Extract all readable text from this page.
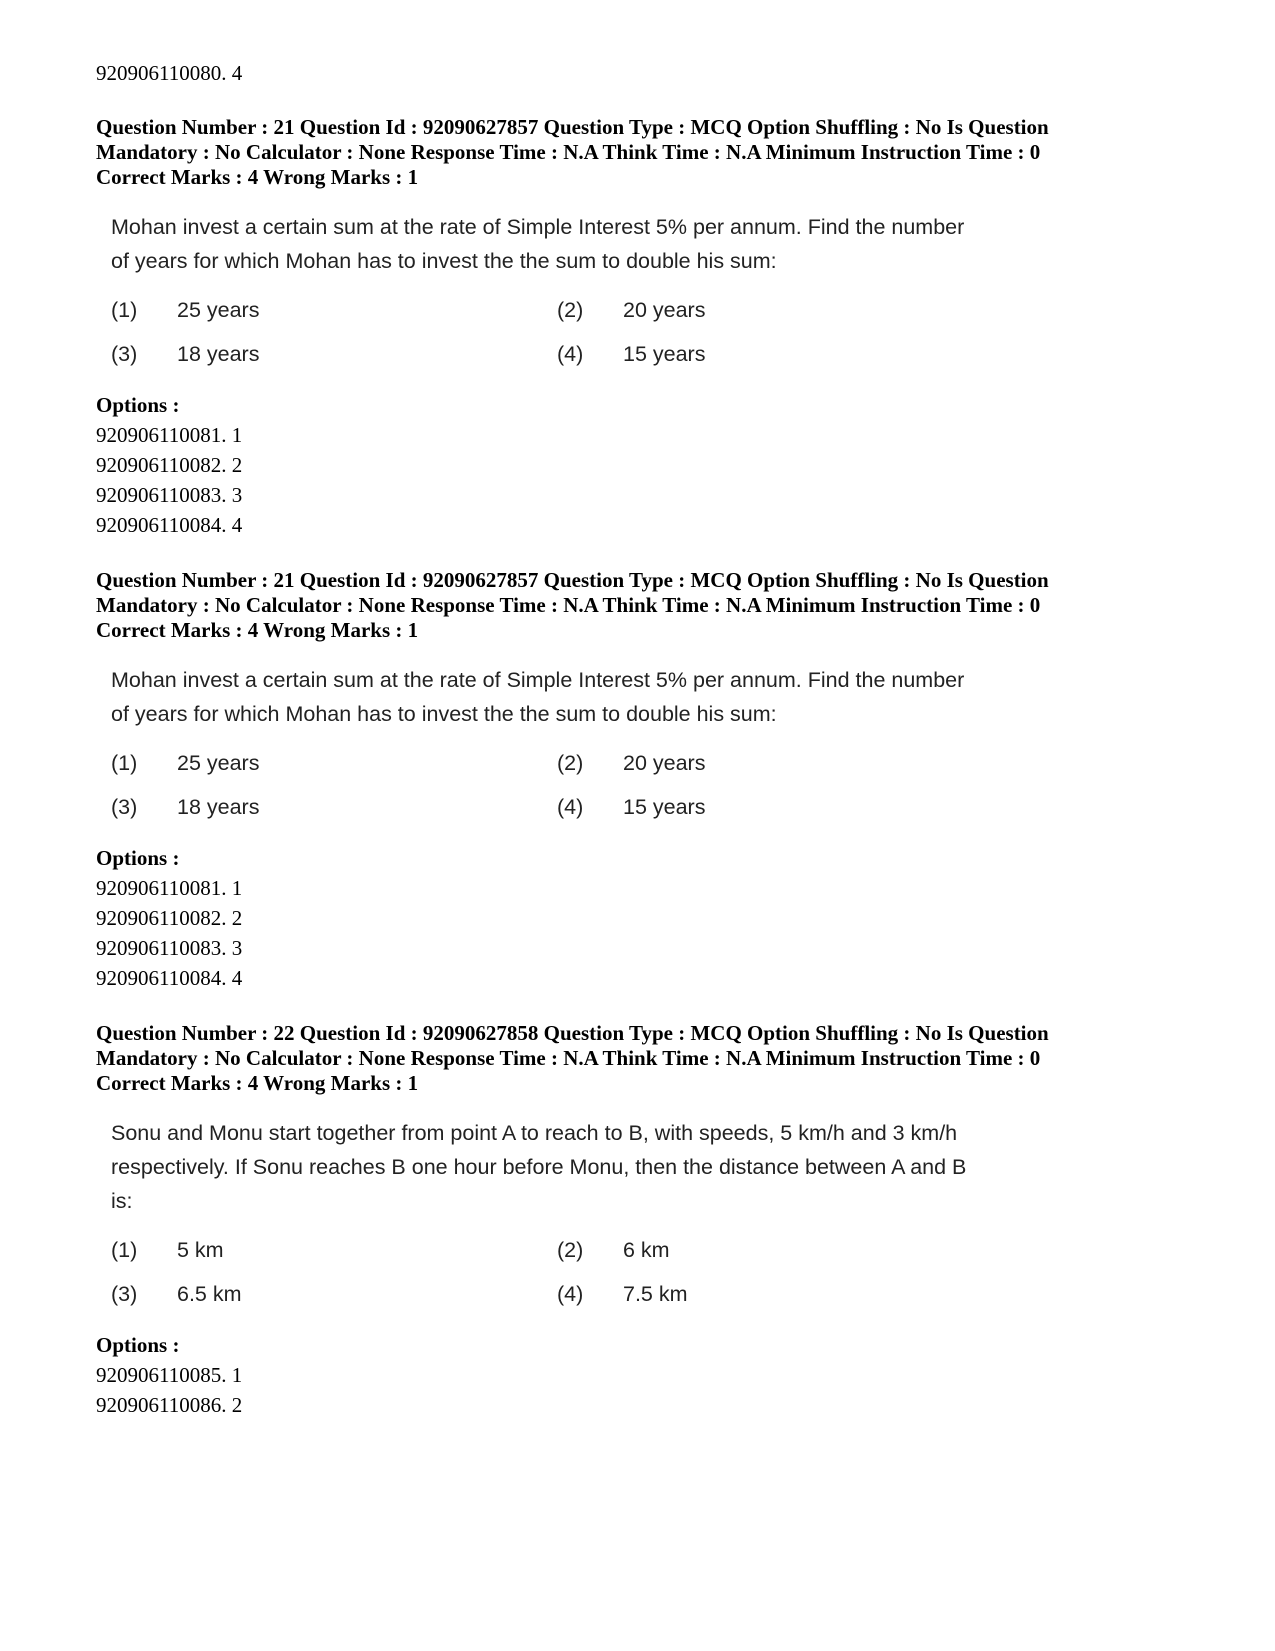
920906110080. 4
Question Number : 21 Question Id : 92090627857 Question Type : MCQ Option Shuffling : No Is Question
Mandatory : No Calculator : None Response Time : N.A Think Time : N.A Minimum Instruction Time : 0
Correct Marks : 4 Wrong Marks : 1
Mohan invest a certain sum at the rate of Simple Interest 5% per annum. Find the number
of years for which Mohan has to invest the the sum to double his sum:
(1)	25 years	(2)	20 years
(3)	18 years	(4)	15 years
Options :
920906110081. 1
920906110082. 2
920906110083. 3
920906110084. 4
Question Number : 21 Question Id : 92090627857 Question Type : MCQ Option Shuffling : No Is Question
Mandatory : No Calculator : None Response Time : N.A Think Time : N.A Minimum Instruction Time : 0
Correct Marks : 4 Wrong Marks : 1
Mohan invest a certain sum at the rate of Simple Interest 5% per annum. Find the number
of years for which Mohan has to invest the the sum to double his sum:
(1)	25 years	(2)	20 years
(3)	18 years	(4)	15 years
Options :
920906110081. 1
920906110082. 2
920906110083. 3
920906110084. 4
Question Number : 22 Question Id : 92090627858 Question Type : MCQ Option Shuffling : No Is Question
Mandatory : No Calculator : None Response Time : N.A Think Time : N.A Minimum Instruction Time : 0
Correct Marks : 4 Wrong Marks : 1
Sonu and Monu start together from point A to reach to B, with speeds, 5 km/h and 3 km/h
respectively. If Sonu reaches B one hour before Monu, then the distance between A and B
is:
(1)	5 km	(2)	6 km
(3)	6.5 km	(4)	7.5 km
Options :
920906110085. 1
920906110086. 2
